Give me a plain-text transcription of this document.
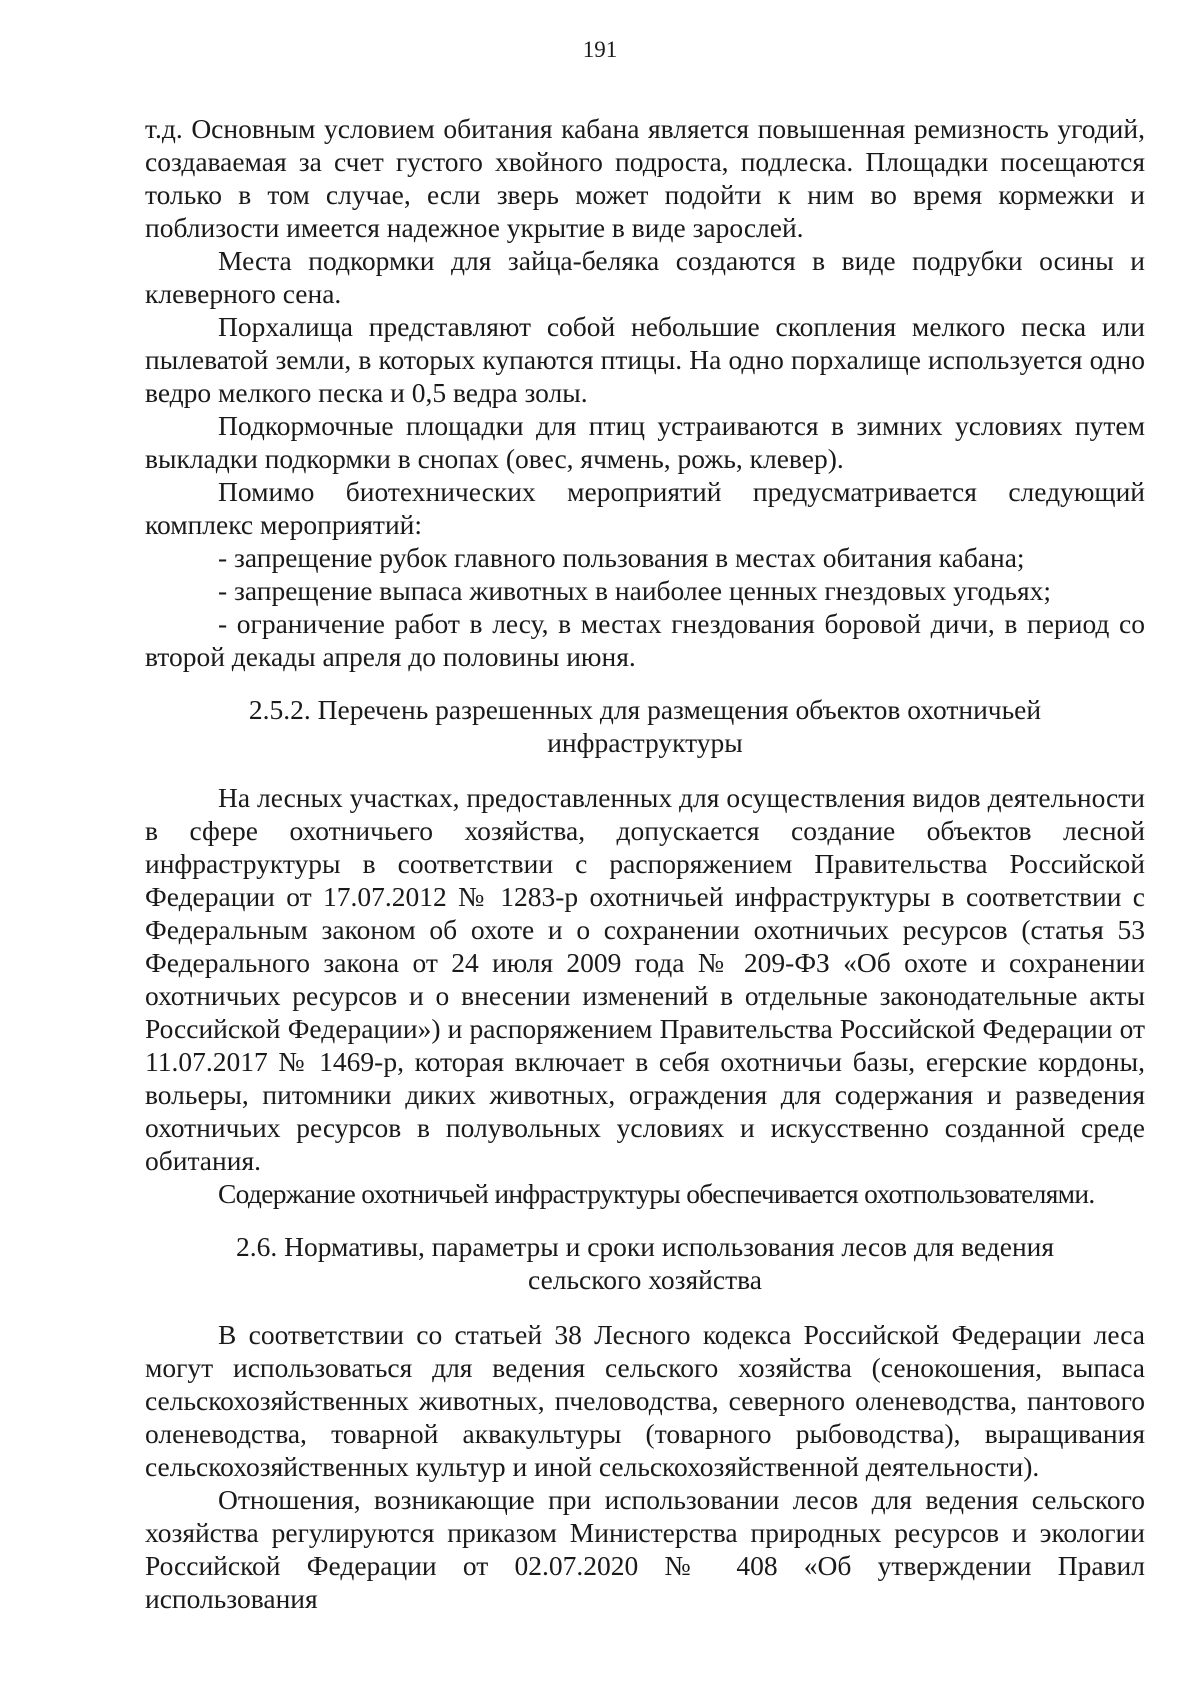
191

т.д. Основным условием обитания кабана является повышенная ремизность угодий, создаваемая за счет густого хвойного подроста, подлеска. Площадки посещаются только в том случае, если зверь может подойти к ним во время кормежки и поблизости имеется надежное укрытие в виде зарослей.

Места подкормки для зайца-беляка создаются в виде подрубки осины и клеверного сена.

Порхалища представляют собой небольшие скопления мелкого песка или пылеватой земли, в которых купаются птицы. На одно порхалище используется одно ведро мелкого песка и 0,5 ведра золы.

Подкормочные площадки для птиц устраиваются в зимних условиях путем выкладки подкормки в снопах (овес, ячмень, рожь, клевер).

Помимо биотехнических мероприятий предусматривается следующий комплекс мероприятий:

- запрещение рубок главного пользования в местах обитания кабана;

- запрещение выпаса животных в наиболее ценных гнездовых угодьях;

- ограничение работ в лесу, в местах гнездования боровой дичи, в период со второй декады апреля до половины июня.

2.5.2. Перечень разрешенных для размещения объектов охотничьей
инфраструктуры

На лесных участках, предоставленных для осуществления видов деятельности в сфере охотничьего хозяйства, допускается создание объектов лесной инфраструктуры в соответствии с распоряжением Правительства Российской Федерации от 17.07.2012 № 1283-р охотничьей инфраструктуры в соответствии с Федеральным законом об охоте и о сохранении охотничьих ресурсов (статья 53 Федерального закона от 24 июля 2009 года № 209-ФЗ «Об охоте и сохранении охотничьих ресурсов и о внесении изменений в отдельные законодательные акты Российской Федерации») и распоряжением Правительства Российской Федерации от 11.07.2017 № 1469-р, которая включает в себя охотничьи базы, егерские кордоны, вольеры, питомники диких животных, ограждения для содержания и разведения охотничьих ресурсов в полувольных условиях и искусственно созданной среде обитания.

Содержание охотничьей инфраструктуры обеспечивается охотпользователями.

2.6. Нормативы, параметры и сроки использования лесов для ведения
сельского хозяйства

В соответствии со статьей 38 Лесного кодекса Российской Федерации леса могут использоваться для ведения сельского хозяйства (сенокошения, выпаса сельскохозяйственных животных, пчеловодства, северного оленеводства, пантового оленеводства, товарной аквакультуры (товарного рыбоводства), выращивания сельскохозяйственных культур и иной сельскохозяйственной деятельности).

Отношения, возникающие при использовании лесов для ведения сельского хозяйства регулируются приказом Министерства природных ресурсов и экологии Российской Федерации от 02.07.2020 № 408 «Об утверждении Правил использования
